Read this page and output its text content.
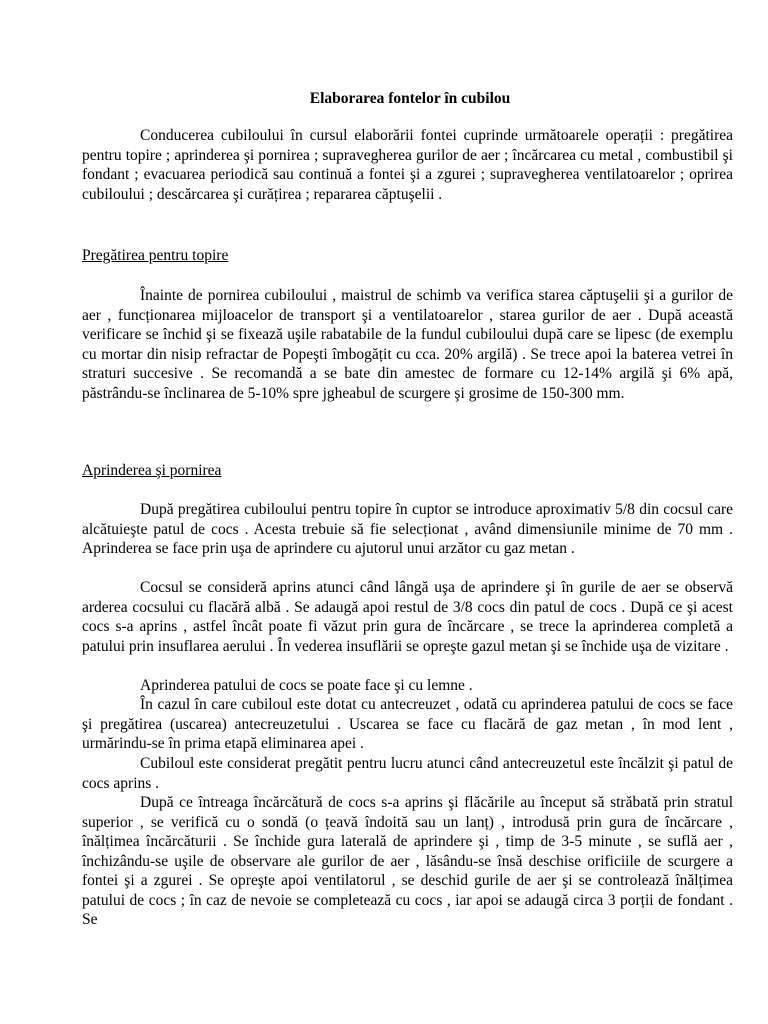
Elaborarea fontelor în cubilou

Conducerea cubiloului în cursul elaborării fontei cuprinde următoarele operații : pregătirea pentru topire ; aprinderea şi pornirea ; supravegherea gurilor de aer ; încărcarea cu metal , combustibil şi fondant ; evacuarea periodică sau continuă a fontei şi a zgurei ; supravegherea ventilatoarelor ; oprirea cubiloului ; descărcarea şi curățirea ; repararea căptuşelii .

Pregătirea pentru topire

Înainte de pornirea cubiloului , maistrul de schimb va verifica starea căptuşelii şi a gurilor de aer , funcționarea mijloacelor de transport şi a ventilatoarelor , starea gurilor de aer . După această verificare se închid şi se fixează uşile rabatabile de la fundul cubiloului după care se lipesc (de exemplu cu mortar din nisip refractar de Popeşti îmbogățit cu cca. 20% argilă) . Se trece apoi la baterea vetrei în straturi succesive . Se recomandă a se bate din amestec de formare cu 12-14% argilă şi 6% apă, păstrându-se înclinarea de 5-10% spre jgheabul de scurgere şi grosime de 150-300 mm.

Aprinderea şi pornirea

După pregătirea cubiloului pentru topire în cuptor se introduce aproximativ 5/8 din cocsul care alcătuieşte patul de cocs . Acesta trebuie să fie selecționat , având dimensiunile minime de 70 mm . Aprinderea se face prin uşa de aprindere cu ajutorul unui arzător cu gaz metan .

Cocsul se consideră aprins atunci când lângă uşa de aprindere şi în gurile de aer se observă arderea cocsului cu flacără albă . Se adaugă apoi restul de 3/8 cocs din patul de cocs . După ce şi acest cocs s-a aprins , astfel încât poate fi văzut prin gura de încărcare , se trece la aprinderea completă a patului prin insuflarea aerului . În vederea insuflării se opreşte gazul metan şi se închide uşa de vizitare .

Aprinderea patului de cocs se poate face şi cu lemne .

În cazul în care cubiloul este dotat cu antecreuzet , odată cu aprinderea patului de cocs se face şi pregătirea (uscarea) antecreuzetului . Uscarea se face cu flacără de gaz metan , în mod lent , urmărindu-se în prima etapă eliminarea apei .

Cubiloul este considerat pregătit pentru lucru atunci când antecreuzetul este încălzit şi patul de cocs aprins .

După ce întreaga încărcătură de cocs s-a aprins şi flăcările au început să străbată prin stratul superior , se verifică cu o sondă (o țeavă îndoită sau un lanț) , introdusă prin gura de încărcare , înălțimea încărcăturii . Se închide gura laterală de aprindere şi , timp de 3-5 minute , se suflă aer , închizându-se uşile de observare ale gurilor de aer , lăsându-se însă deschise orificiile de scurgere a fontei şi a zgurei . Se opreşte apoi ventilatorul , se deschid gurile de aer şi se controlează înălțimea patului de cocs ; în caz de nevoie se completează cu cocs , iar apoi se adaugă circa 3 porții de fondant . Se
